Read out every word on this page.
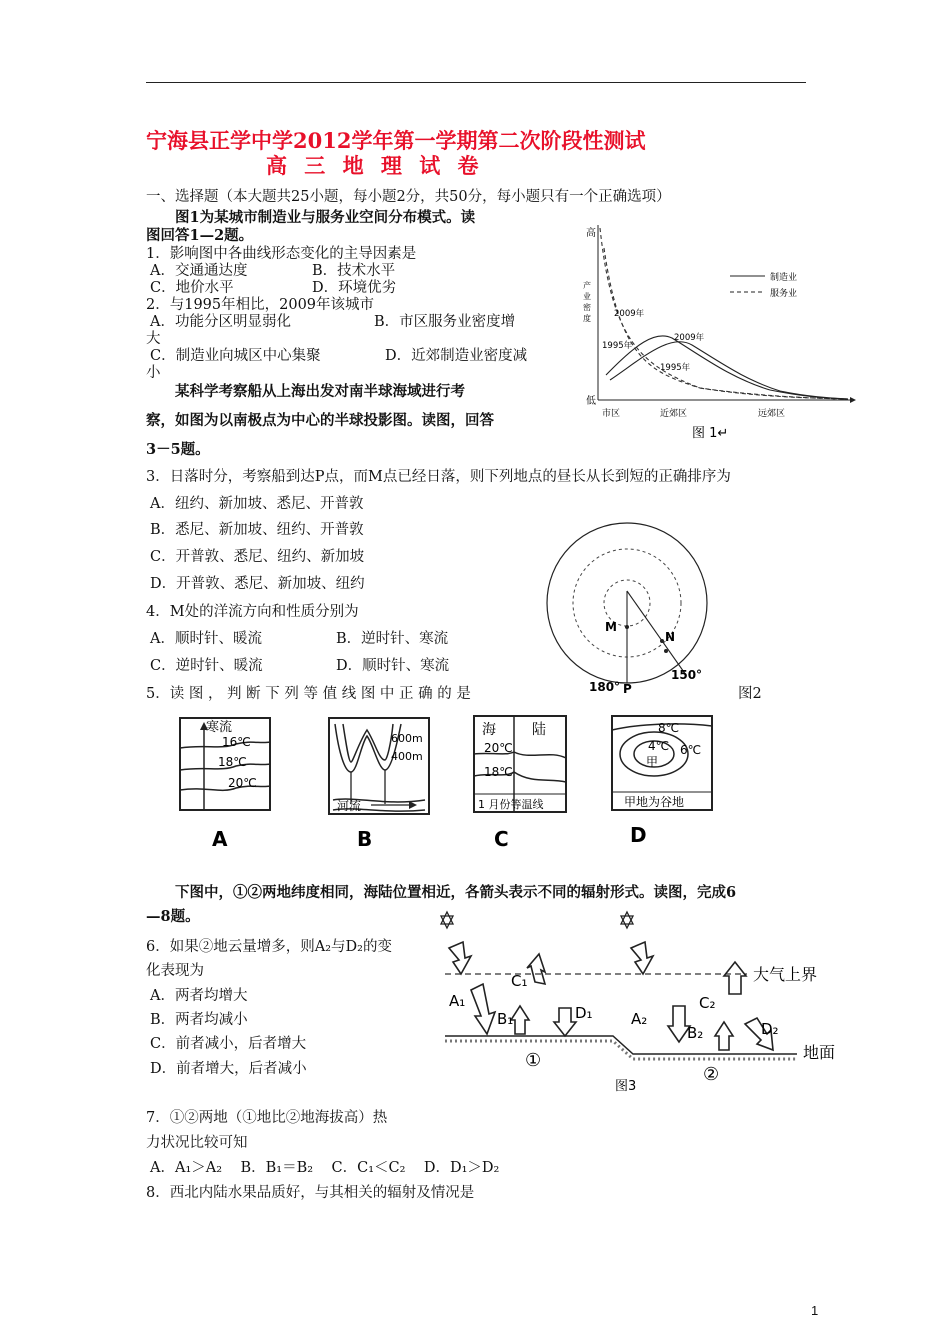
宁海县正学中学2012学年第一学期第二次阶段性测试
高 三 地 理 试 卷
一、选择题（本大题共25小题，每小题2分，共50分，每小题只有一个正确选项）
图1为某城市制造业与服务业空间分布模式。读
图回答1—2题。
1．影响图中各曲线形态变化的主导因素是
A．交通通达度	B．技术水平
C．地价水平	D．环境优劣
2．与1995年相比，2009年该城市
A．功能分区明显弱化	B．市区服务业密度增
大
C．制造业向城区中心集聚	D．近郊制造业密度减
小
某科学考察船从上海出发对南半球海域进行考
察，如图为以南极点为中心的半球投影图。读图，回答
3－5题。
3．日落时分，考察船到达P点，而M点已经日落，则下列地点的昼长从长到短的正确排序为
A．纽约、新加坡、悉尼、开普敦
B．悉尼、新加坡、纽约、开普敦
C．开普敦、悉尼、纽约、新加坡
D．开普敦、悉尼、新加坡、纽约
4．M处的洋流方向和性质分别为
A．顺时针、暖流	B．逆时针、寒流
C．逆时针、暖流	D．顺时针、寒流
5．读 图 ， 判 断 下 列 等 值 线 图 中 正 确 的 是	图2
下图中，①②两地纬度相同，海陆位置相近，各箭头表示不同的辐射形式。读图，完成6
—8题。
6．如果②地云量增多，则A₂与D₂的变
化表现为
A．两者均增大
B．两者均减小
C．前者减小，后者增大
D．前者增大，后者减小
7．①②两地（①地比②地海拔高）热
力状况比较可知
A．A₁＞A₂    B．B₁＝B₂    C．C₁＜C₂    D．D₁＞D₂
8．西北内陆水果品质好，与其相关的辐射及情况是
1
高
低
产 业 密 度
制造业
服务业
2009年
1995年
2009年
1995年
市区	近郊区	远郊区
图 1↵
M
N
150°
180° P
寒流
16℃
18℃
20℃
A
600m
400m
河流
B
海	陆
20℃
18℃
1 月份等温线
C
8℃
4℃ 6℃
甲
甲地为谷地
D
大气上界
地面
A₁
B₁
C₁
D₁	A₂
B₂
C₂
D₂
①
②
图3
